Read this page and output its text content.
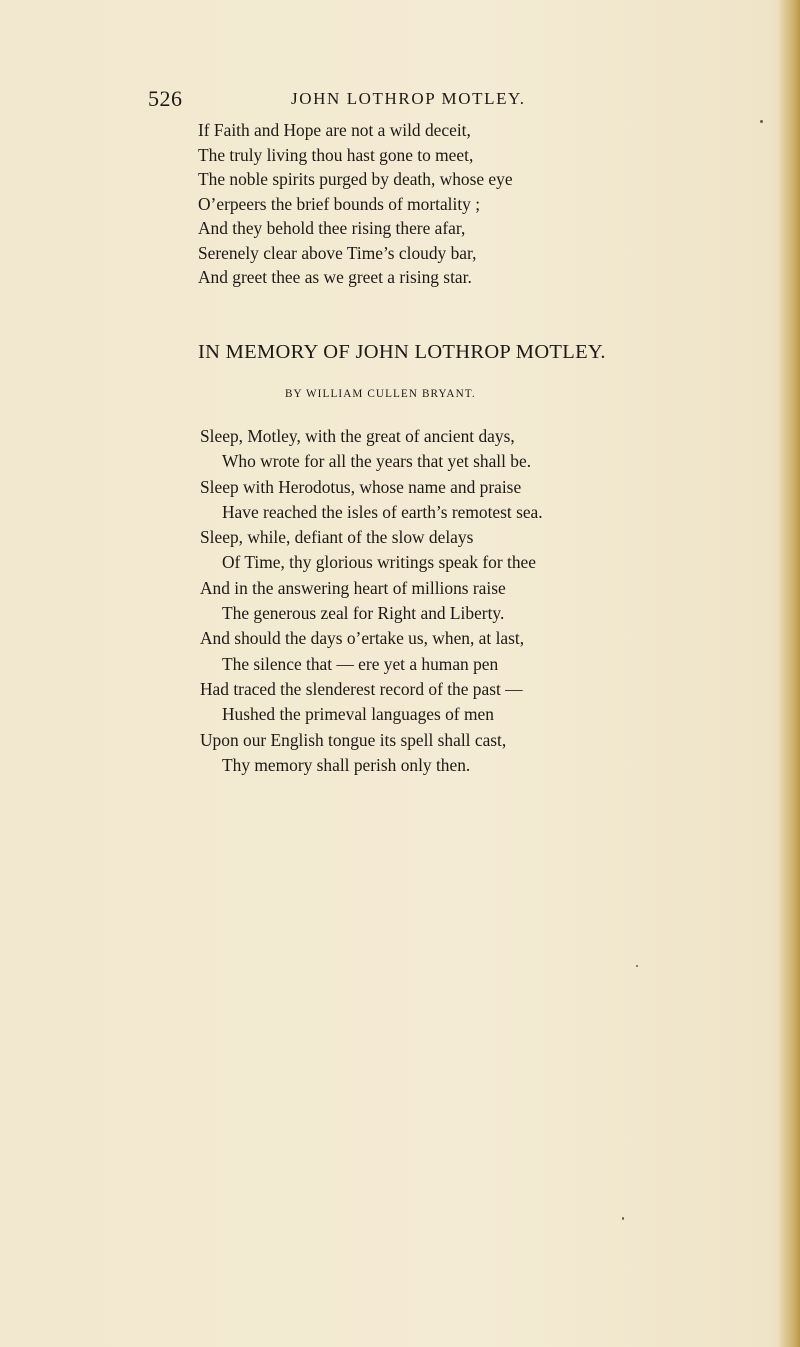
526	JOHN LOTHROP MOTLEY.
If Faith and Hope are not a wild deceit,
The truly living thou hast gone to meet,
The noble spirits purged by death, whose eye
O’erpeers the brief bounds of mortality ;
And they behold thee rising there afar,
Serenely clear above Time’s cloudy bar,
And greet thee as we greet a rising star.
IN MEMORY OF JOHN LOTHROP MOTLEY.
BY WILLIAM CULLEN BRYANT.
Sleep, Motley, with the great of ancient days,
Who wrote for all the years that yet shall be.
Sleep with Herodotus, whose name and praise
Have reached the isles of earth’s remotest sea.
Sleep, while, defiant of the slow delays
Of Time, thy glorious writings speak for thee
And in the answering heart of millions raise
The generous zeal for Right and Liberty.
And should the days o’ertake us, when, at last,
The silence that — ere yet a human pen
Had traced the slenderest record of the past —
Hushed the primeval languages of men
Upon our English tongue its spell shall cast,
Thy memory shall perish only then.
